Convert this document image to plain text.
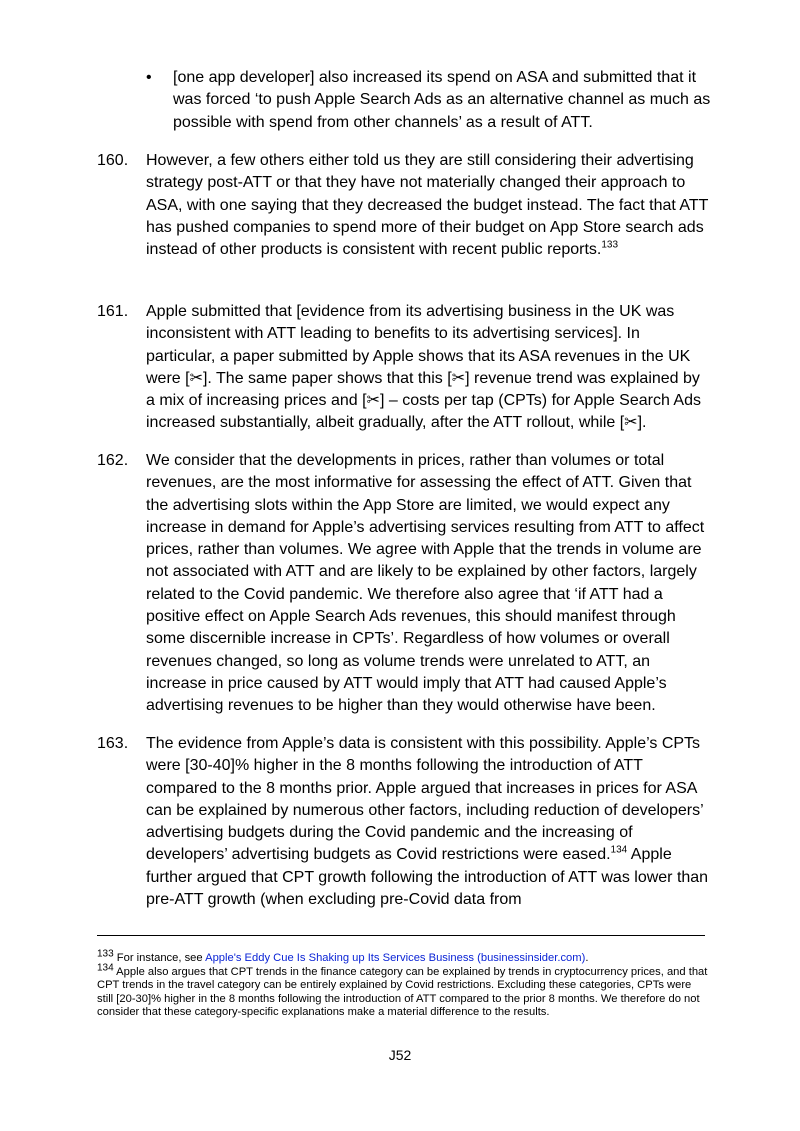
• [one app developer] also increased its spend on ASA and submitted that it was forced ‘to push Apple Search Ads as an alternative channel as much as possible with spend from other channels’ as a result of ATT.
160.	However, a few others either told us they are still considering their advertising strategy post-ATT or that they have not materially changed their approach to ASA, with one saying that they decreased the budget instead. The fact that ATT has pushed companies to spend more of their budget on App Store search ads instead of other products is consistent with recent public reports.$^{133}$
161.	Apple submitted that [evidence from its advertising business in the UK was inconsistent with ATT leading to benefits to its advertising services]. In particular, a paper submitted by Apple shows that its ASA revenues in the UK were [✂]. The same paper shows that this [✂] revenue trend was explained by a mix of increasing prices and [✂] – costs per tap (CPTs) for Apple Search Ads increased substantially, albeit gradually, after the ATT rollout, while [✂].
162.	We consider that the developments in prices, rather than volumes or total revenues, are the most informative for assessing the effect of ATT. Given that the advertising slots within the App Store are limited, we would expect any increase in demand for Apple’s advertising services resulting from ATT to affect prices, rather than volumes. We agree with Apple that the trends in volume are not associated with ATT and are likely to be explained by other factors, largely related to the Covid pandemic. We therefore also agree that ‘if ATT had a positive effect on Apple Search Ads revenues, this should manifest through some discernible increase in CPTs’. Regardless of how volumes or overall revenues changed, so long as volume trends were unrelated to ATT, an increase in price caused by ATT would imply that ATT had caused Apple’s advertising revenues to be higher than they would otherwise have been.
163.	The evidence from Apple’s data is consistent with this possibility. Apple’s CPTs were [30-40]% higher in the 8 months following the introduction of ATT compared to the 8 months prior. Apple argued that increases in prices for ASA can be explained by numerous other factors, including reduction of developers’ advertising budgets during the Covid pandemic and the increasing of developers’ advertising budgets as Covid restrictions were eased.$^{134}$ Apple further argued that CPT growth following the introduction of ATT was lower than pre-ATT growth (when excluding pre-Covid data from
133 For instance, see Apple's Eddy Cue Is Shaking up Its Services Business (businessinsider.com).
134 Apple also argues that CPT trends in the finance category can be explained by trends in cryptocurrency prices, and that CPT trends in the travel category can be entirely explained by Covid restrictions. Excluding these categories, CPTs were still [20-30]% higher in the 8 months following the introduction of ATT compared to the prior 8 months. We therefore do not consider that these category-specific explanations make a material difference to the results.
J52
